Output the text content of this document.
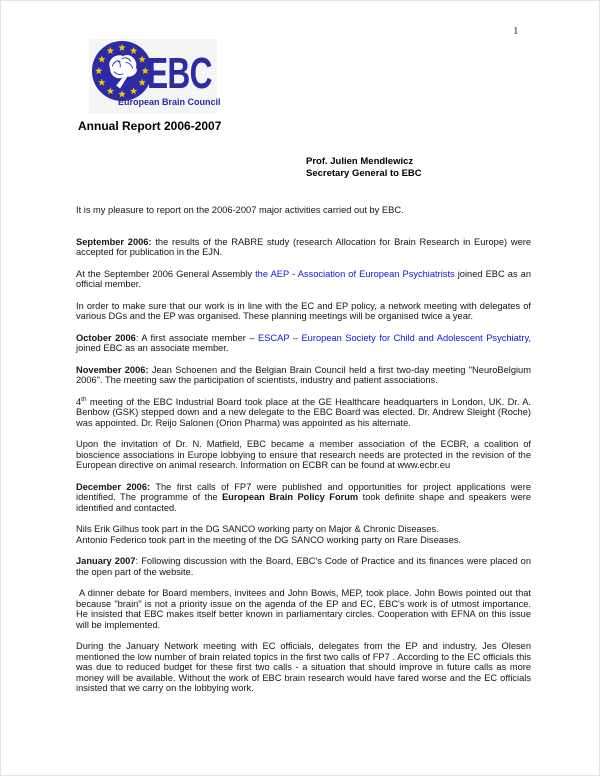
1
EBC
European Brain Council
Annual Report 2006-2007
Prof. Julien Mendlewicz
Secretary General to EBC

It is my pleasure to report on the 2006-2007 major activities carried out by EBC.

September 2006: the results of the RABRE study (research Allocation for Brain Research in Europe) were accepted for publication in the EJN.

At the September 2006 General Assembly the AEP - Association of European Psychiatrists joined EBC as an official member.

In order to make sure that our work is in line with the EC and EP policy, a network meeting with delegates of various DGs and the EP was organised. These planning meetings will be organised twice a year.

October 2006: A first associate member – ESCAP – European Society for Child and Adolescent Psychiatry, joined EBC as an associate member.

November 2006: Jean Schoenen and the Belgian Brain Council held a first two-day meeting "NeuroBelgium 2006". The meeting saw the participation of scientists, industry and patient associations.

4th meeting of the EBC Industrial Board took place at the GE Healthcare headquarters in London, UK. Dr. A. Benbow (GSK) stepped down and a new delegate to the EBC Board was elected. Dr. Andrew Sleight (Roche) was appointed. Dr. Reijo Salonen (Orion Pharma) was appointed as his alternate.

Upon the invitation of Dr. N. Matfield, EBC became a member association of the ECBR, a coalition of bioscience associations in Europe lobbying to ensure that research needs are protected in the revision of the European directive on animal research. Information on ECBR can be found at www.ecbr.eu

December 2006: The first calls of FP7 were published and opportunities for project applications were identified. The programme of the European Brain Policy Forum took definite shape and speakers were identified and contacted.

Nils Erik Gilhus took part in the DG SANCO working party on Major & Chronic Diseases.
Antonio Federico took part in the meeting of the DG SANCO working party on Rare Diseases.

January 2007: Following discussion with the Board, EBC's Code of Practice and its finances were placed on the open part of the website.

A dinner debate for Board members, invitees and John Bowis, MEP, took place. John Bowis pointed out that because "brain" is not a priority issue on the agenda of the EP and EC, EBC's work is of utmost importance. He insisted that EBC makes itself better known in parliamentary circles. Cooperation with EFNA on this issue will be implemented.

During the January Network meeting with EC officials, delegates from the EP and industry, Jes Olesen mentioned the low number of brain related topics in the first two calls of FP7 . According to the EC officials this was due to reduced budget for these first two calls - a situation that should improve in future calls as more money will be available. Without the work of EBC brain research would have fared worse and the EC officials insisted that we carry on the lobbying work.
